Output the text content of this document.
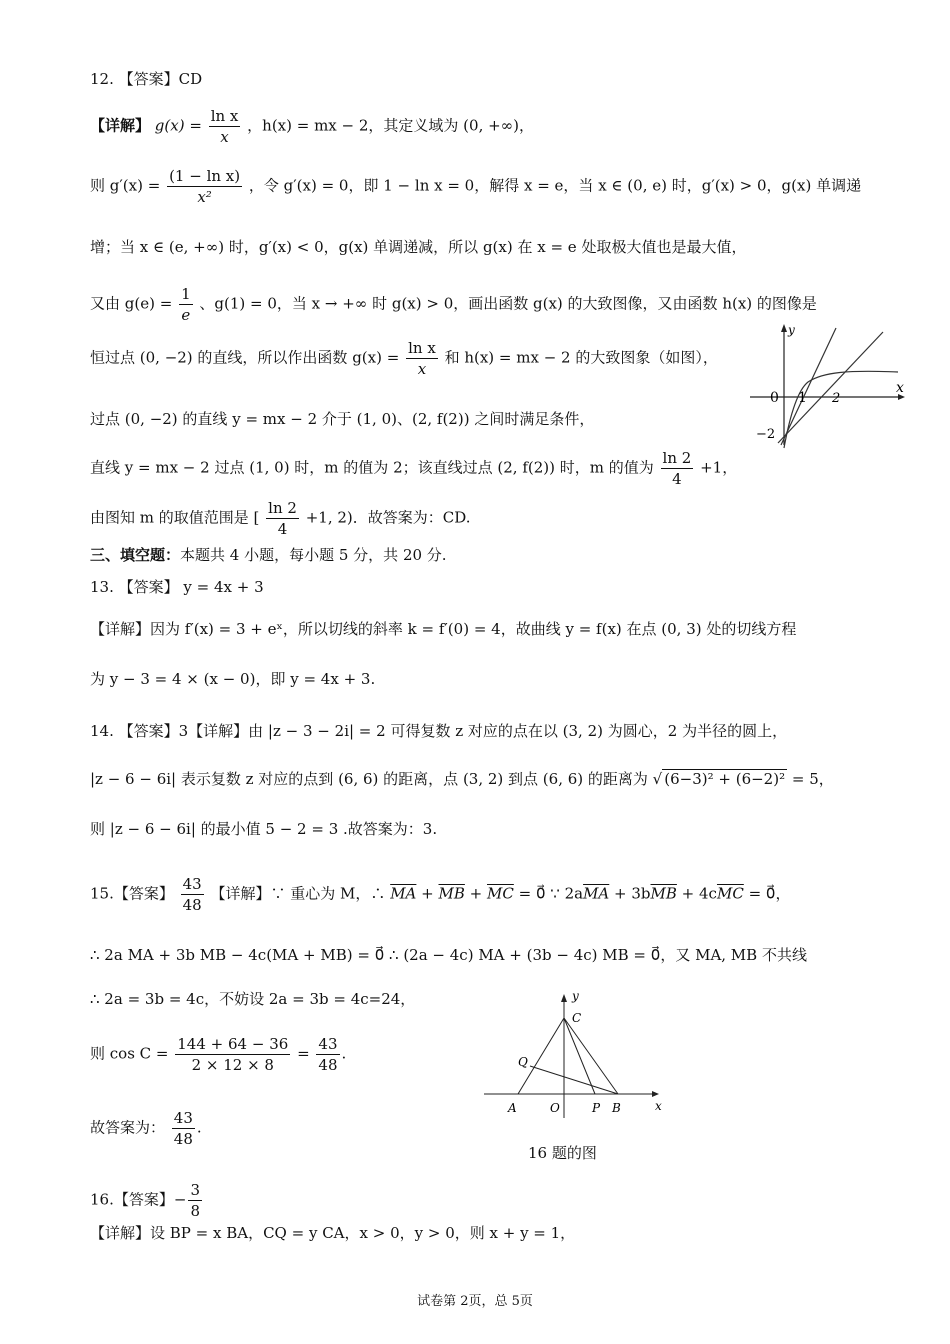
12. 【答案】CD
【详解】 $g(x) = \frac{\text{ln x}}{x}$ ，h(x) = mx − 2，其定义域为 (0, +∞)，
则 $g'(x) = \frac{\text{(1 − ln x)}}{\text{x²}}$ ，令 g′(x) = 0，即 1 − ln x = 0，解得 x = e，当 x ∈ (0, e) 时，g′(x) > 0，g(x) 单调递
增；当 x ∈ (e, +∞) 时，g′(x) < 0，g(x) 单调递减，所以 g(x) 在 x = e 处取极大值也是最大值，
又由 $g(e) = \frac{1}{e}$ 、g(1) = 0，当 x → +∞ 时 g(x) > 0，画出函数 g(x) 的大致图像，又由函数 h(x) 的图像是
恒过点 (0, −2) 的直线，所以作出函数 $g(x) = \frac{\text{ln x}}{x}$ 和 h(x) = mx − 2 的大致图象（如图），
过点 (0, −2) 的直线 y = mx − 2 介于 (1, 0)、(2, f(2)) 之间时满足条件，
直线 y = mx − 2 过点 (1, 0) 时，m 的值为 2；该直线过点 (2, f(2)) 时，m 的值为 $\frac{\ln 2}{4} +1$，
由图知 m 的取值范围是 [ $\frac{\ln 2}{4} +1$, 2)．故答案为：CD.
y
x
0 1 2
−2
三、填空题：本题共 4 小题，每小题 5 分，共 20 分.
13. 【答案】 y = 4x + 3
【详解】因为 f′(x) = 3 + eˣ，所以切线的斜率 k = f′(0) = 4，故曲线 y = f(x) 在点 (0, 3) 处的切线方程
为 y − 3 = 4 × (x − 0)，即 y = 4x + 3.
14. 【答案】3【详解】由 |z − 3 − 2i| = 2 可得复数 z 对应的点在以 (3, 2) 为圆心，2 为半径的圆上，
|z − 6 − 6i| 表示复数 z 对应的点到 (6, 6) 的距离，点 (3, 2) 到点 (6, 6) 的距离为 √ (6−3)² + (6−2)² = 5，
则 |z − 6 − 6i| 的最小值 5 − 2 = 3 .故答案为：3.
15.【答案】 $\frac{43}{48}$ 【详解】∵ 重心为 M，∴ $\overline{MA} + \overline{MB} + \overline{MC}$ = 0⃗ ∵ $2a\overline{MA} + 3b\overline{MB} + 4c\overline{MC}$ = 0⃗，
∴ 2a MA + 3b MB − 4c(MA + MB) = 0⃗ ∴ (2a − 4c) MA + (3b − 4c) MB = 0⃗，又 MA, MB 不共线
∴ 2a = 3b = 4c，不妨设 2a = 3b = 4c=24，
则 $\cos C = \frac{144 + 64 - 36}{2 \times 12 \times 8} = \frac{43}{48}$ .
故答案为： $\frac{43}{48}$ .
y
x
C
Q
A	O	P B
16 题的图
16.【答案】− $\frac{3}{8}$
【详解】设 BP = x BA，CQ = y CA，x > 0，y > 0，则 x + y = 1，
试卷第 2页，总 5页
